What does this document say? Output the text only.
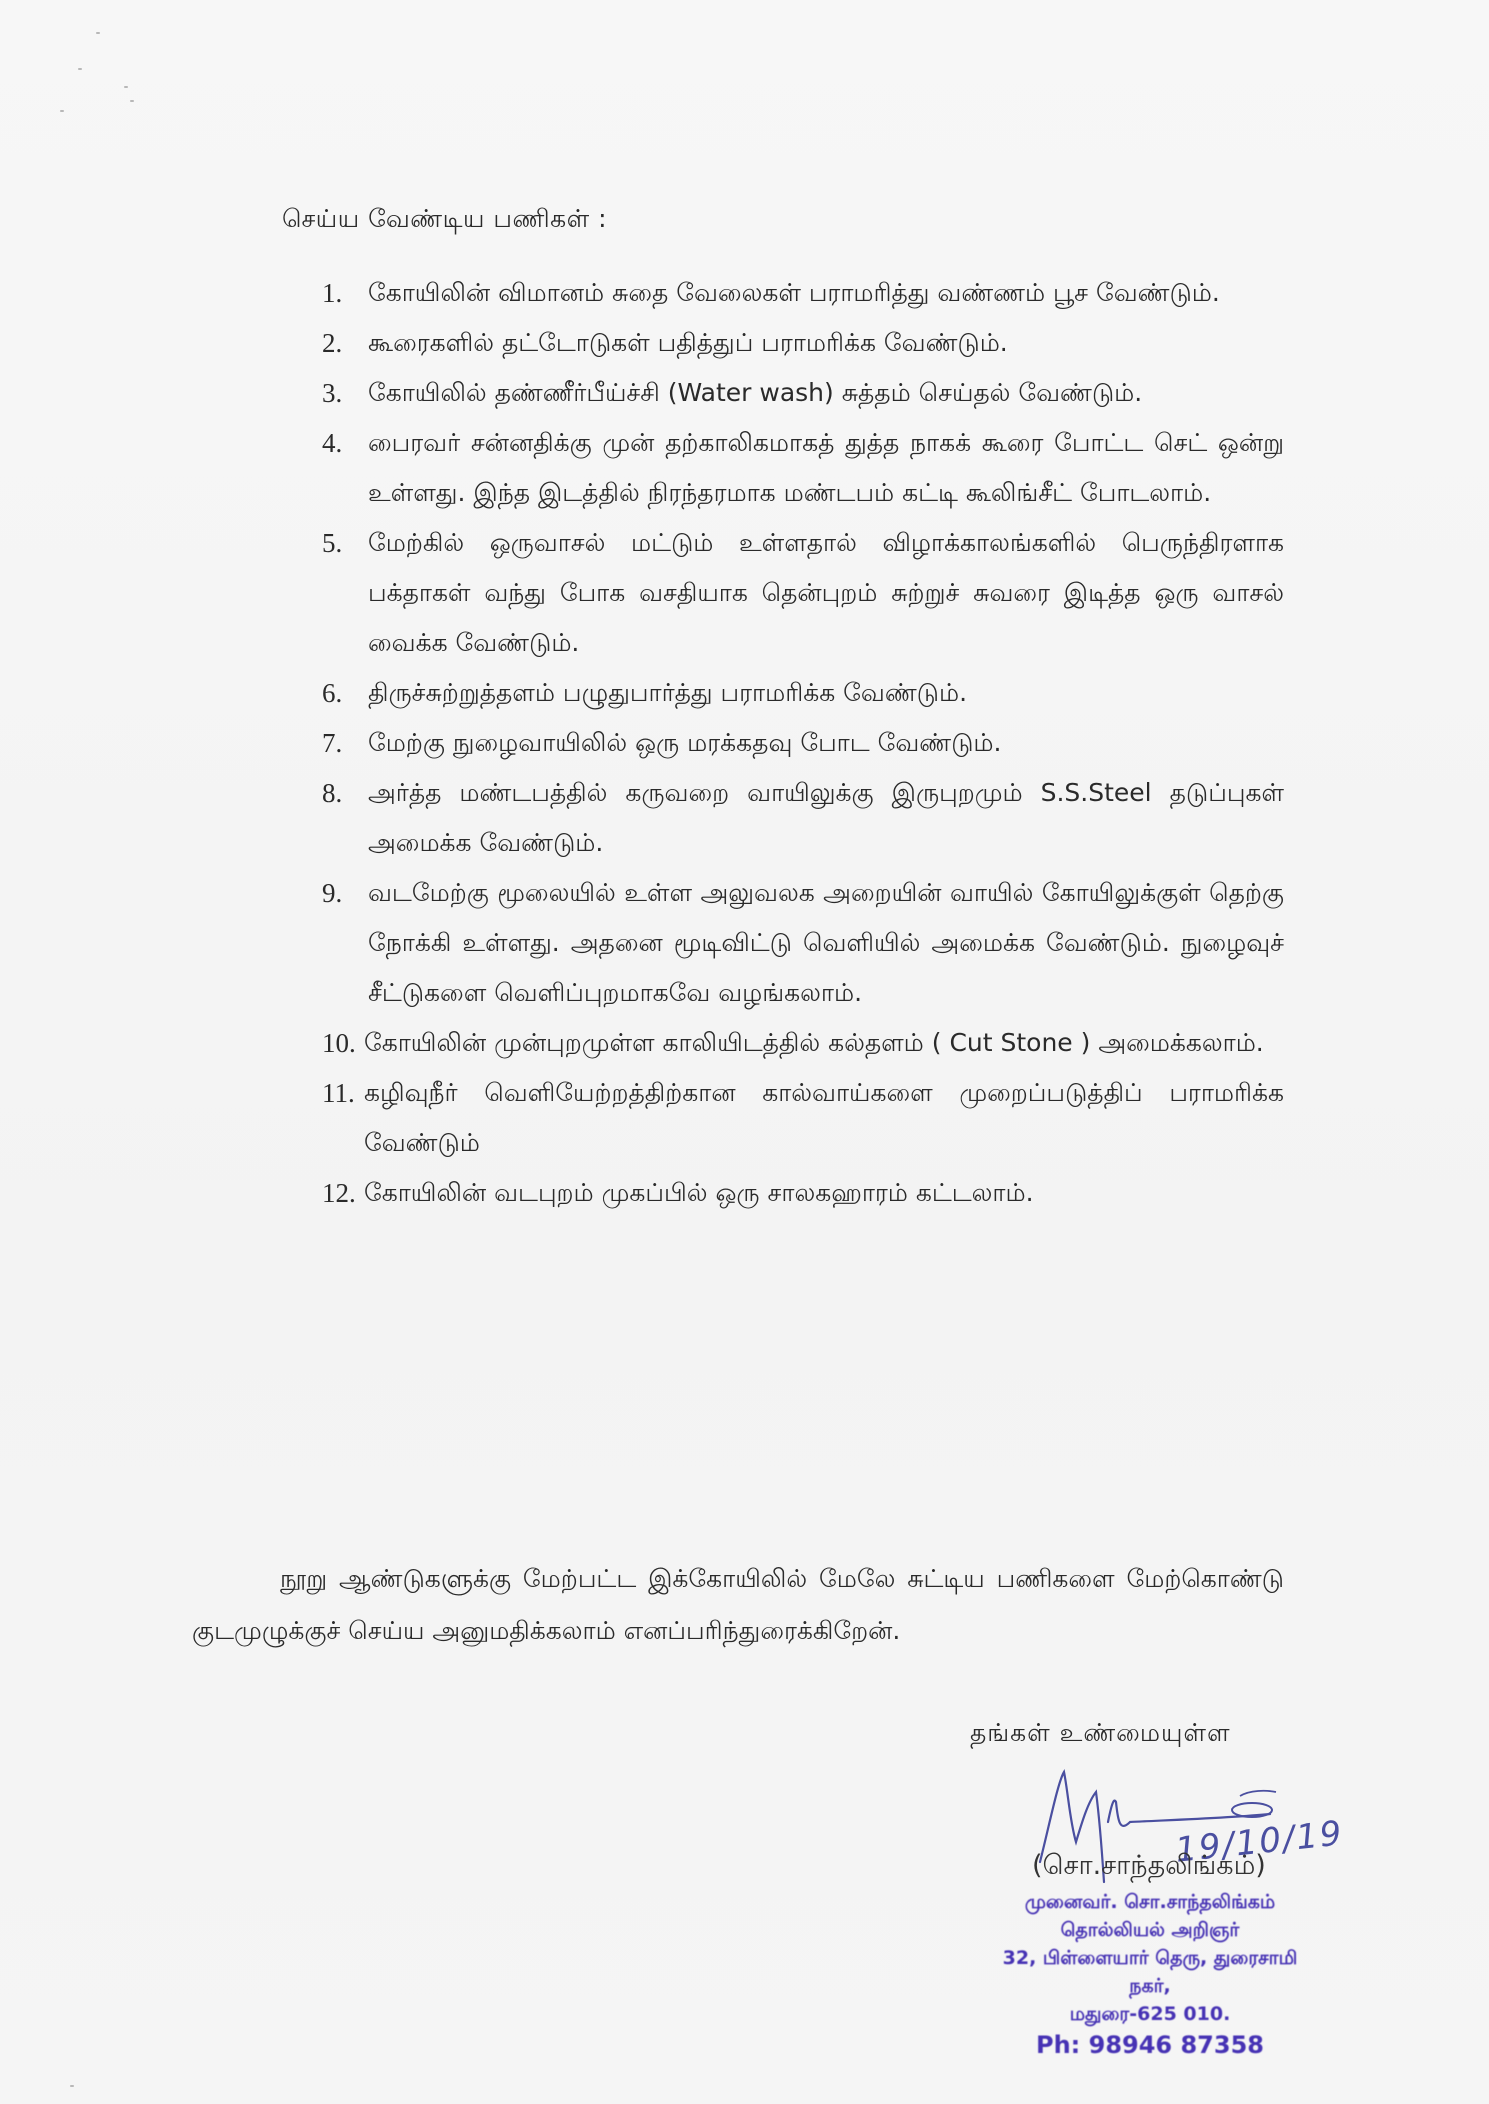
செய்ய வேண்டிய பணிகள் :
1. கோயிலின் விமானம் சுதை வேலைகள் பராமரித்து வண்ணம் பூச வேண்டும்.
2. கூரைகளில் தட்டோடுகள் பதித்துப் பராமரிக்க வேண்டும்.
3. கோயிலில் தண்ணீர்பீய்ச்சி (Water wash) சுத்தம் செய்தல் வேண்டும்.
4. பைரவர் சன்னதிக்கு முன் தற்காலிகமாகத் துத்த நாகக் கூரை போட்ட செட் ஒன்று உள்ளது. இந்த இடத்தில் நிரந்தரமாக மண்டபம் கட்டி கூலிங்சீட் போடலாம்.
5. மேற்கில் ஒருவாசல் மட்டும் உள்ளதால் விழாக்காலங்களில் பெருந்திரளாக பக்தாகள் வந்து போக வசதியாக தென்புறம் சுற்றுச் சுவரை இடித்த ஒரு வாசல் வைக்க வேண்டும்.
6. திருச்சுற்றுத்தளம் பழுதுபார்த்து பராமரிக்க வேண்டும்.
7. மேற்கு நுழைவாயிலில் ஒரு மரக்கதவு போட வேண்டும்.
8. அர்த்த மண்டபத்தில் கருவறை வாயிலுக்கு இருபுறமும் S.S.Steel தடுப்புகள் அமைக்க வேண்டும்.
9. வடமேற்கு மூலையில் உள்ள அலுவலக அறையின் வாயில் கோயிலுக்குள் தெற்கு நோக்கி உள்ளது. அதனை மூடிவிட்டு வெளியில் அமைக்க வேண்டும். நுழைவுச் சீட்டுகளை வெளிப்புறமாகவே வழங்கலாம்.
10. கோயிலின் முன்புறமுள்ள காலியிடத்தில் கல்தளம் ( Cut Stone ) அமைக்கலாம்.
11. கழிவுநீர் வெளியேற்றத்திற்கான கால்வாய்களை முறைப்படுத்திப் பராமரிக்க வேண்டும்
12. கோயிலின் வடபுறம் முகப்பில் ஒரு சாலகஹாரம் கட்டலாம்.

நூறு ஆண்டுகளுக்கு மேற்பட்ட இக்கோயிலில் மேலே சுட்டிய பணிகளை மேற்கொண்டு குடமுழுக்குச் செய்ய அனுமதிக்கலாம் எனப்பரிந்துரைக்கிறேன்.

தங்கள் உண்மையுள்ள
19/10/19
(சொ.சாந்தலிங்கம்)
முனைவர். சொ.சாந்தலிங்கம்
தொல்லியல் அறிஞர்
32, பிள்ளையார் தெரு, துரைசாமி நகர்,
மதுரை-625 010.
Ph: 98946 87358
